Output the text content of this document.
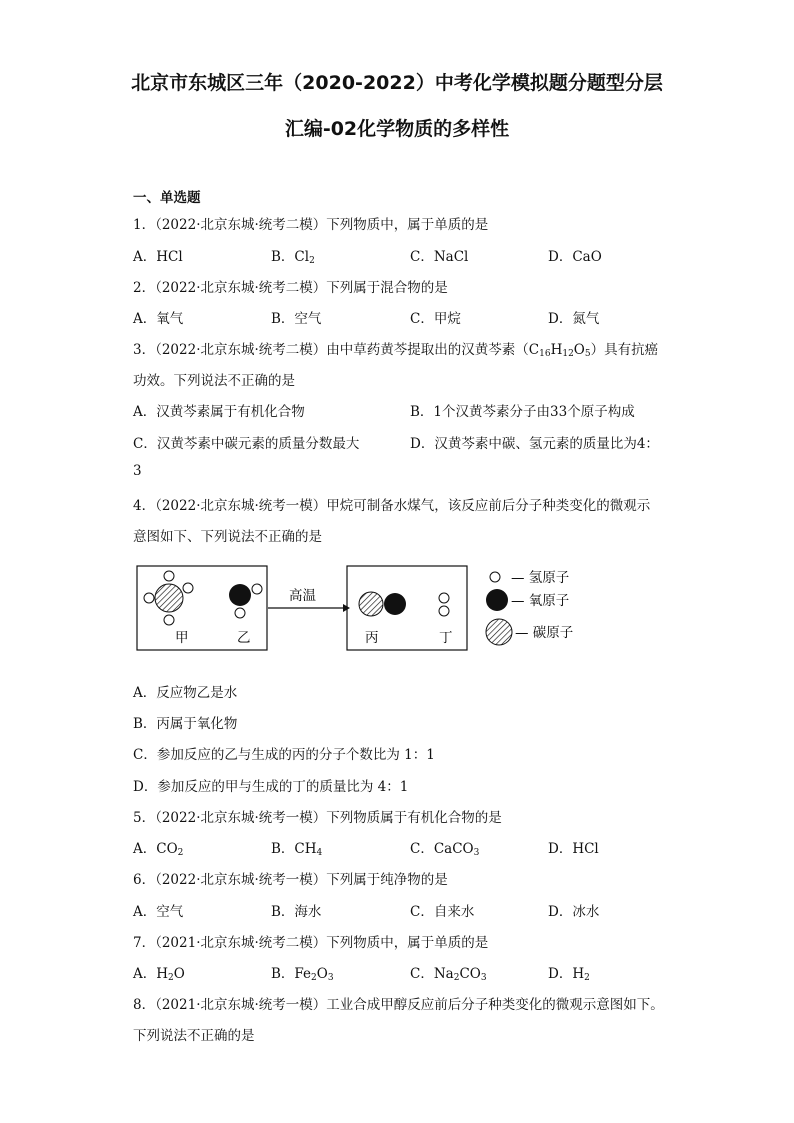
北京市东城区三年（2020-2022）中考化学模拟题分题型分层
汇编-02化学物质的多样性
一、单选题
1．（2022·北京东城·统考二模）下列物质中，属于单质的是
A．HCl	B．$Cl_2$	C．NaCl	D．CaO
2．（2022·北京东城·统考二模）下列属于混合物的是
A．氧气	B．空气	C．甲烷	D．氮气
3．（2022·北京东城·统考二模）由中草药黄芩提取出的汉黄芩素$(C_{16}H_{12}O_5)$具有抗癌
功效。下列说法不正确的是
A．汉黄芩素属于有机化合物	B．1个汉黄芩素分子由33个原子构成
C．汉黄芩素中碳元素的质量分数最大	D．汉黄芩素中碳、氢元素的质量比为4：
3
4．（2022·北京东城·统考一模）甲烷可制备水煤气，该反应前后分子种类变化的微观示
意图如下、下列说法不正确的是
甲	乙
高温
丙	丁
— 氢原子
— 氧原子
— 碳原子
A．反应物乙是水
B．丙属于氧化物
C．参加反应的乙与生成的丙的分子个数比为 1：1
D．参加反应的甲与生成的丁的质量比为 4：1
5．（2022·北京东城·统考一模）下列物质属于有机化合物的是
A．$CO_2$	B．$CH_4$	C．CaCO$_3$	D．HCl
6．（2022·北京东城·统考一模）下列属于纯净物的是
A．空气	B．海水	C．自来水	D．冰水
7．（2021·北京东城·统考二模）下列物质中，属于单质的是
A．$H_2O$	B．$Fe_2O_3$	C．$Na_2CO_3$	D．$H_2$
8．（2021·北京东城·统考一模）工业合成甲醇反应前后分子种类变化的微观示意图如下。
下列说法不正确的是
